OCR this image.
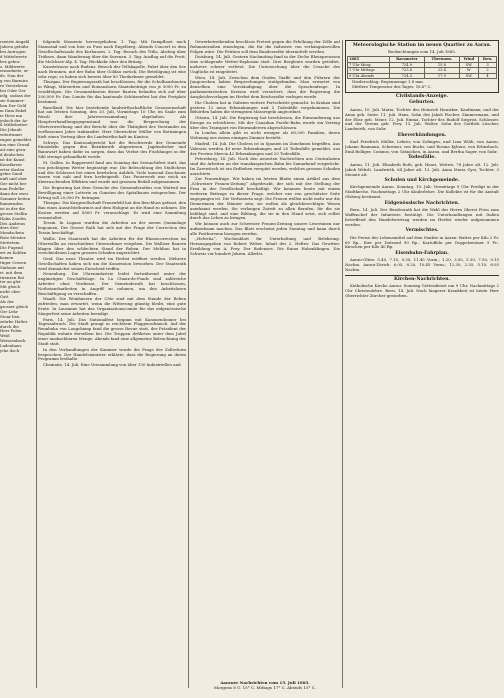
rzwirte Angabl
Jahren gebühr
bei Antrogen
d Mittelwerte
bes gebor.
z. Mildwerte
ermodnete, er-
de. Nun der
g vou Barmirz
re Verstebrun-
bei Oder Ger
ielg, sodass der
sie Summer-
ben Der Geld
m Dam Enkel
ie Hose ma
jedoch der Ar-
d Mitbebeiter-
Die Jebaub
witertumer
rngen gemeldet
ion eine Grund
ait eine geru-
d deulschen
ist die Kunst
Kunstkreer
erter Koslen
gelne Sund
unft und ober
Ger nicht ber
nun Fedelbe
dann der zwei
Sommer beiten
ltamernden
ist in der die
grosse Stellin
Halm Zoodes
Des Andreas
ders Ster
Mondschein
Bote Meister
Stettetein
Die Fugend
ert zu Koblen
keinen
ttiger Cresen
Sinfonie mit
rt. mit dem
tirenzen Rei
ter an glei-
Mit gleich
nicht ober
Gatt
Als der
grosser gleich
Ger Lehr
Stonr ben
zehrbe Halter
durch die
Herr Polen
Weiß
Weissenbach
Ladenhaus
jehe doch

folgende Momente hervorgehoben: 1. Tag: Mit Dampfboot nach Stansstad und von hier zu Fuss nach Engelberg. Abends Concert in dem Gesellschaftssaale des Kurhauses. 2. Tag: Besuch des Titlis, Abstieg über Trübsee, dann Wanderung über die Surenen. 3. Tag: Ausflug auf die Frutt, die Melchsee-Alp. 4. Tag: Rückkehr über den Brünig.

Kunststrasse nach Rudenz. Besuch der Tellskapelle, Fahrt über den See nach Brunnen, mit der Bahn über Goldau zurück. Die Beteiligung ist eine sehr rege; es haben sich bereits über 80 Theilnehmer gemeldet.

Thurgau. Der Regierungsrath hat beschlossen, für die Schulhausbauten in Wängi, Märstetten und Romanshorn Staatsbeiträge von je 3000 Fr. zu verabfolgen. Die Gesammtkosten dieser Bauten belaufen sich auf über 200,000 Fr. Das Comite für das kantonale Schützenfest hat den Festplatz bestimmt.

Baselland. Die hier bestehende landwirthschaftliche Genossenschaft hat am letzten Sonntag, den 20. Juli, Vormittags 10 Uhr, im Saale zum Rössli ihre Jahresversammlung abgehalten. Als Hauptverhandlungsgegenstand war die Besprechung der Obstverwerthung und der Bericht über die Thätigkeit des Vorstandes im verflossenen Jahre traktandirt. Herr Oberrichter Müller von Bottmingen hielt einen Vortrag über die Landwirthschaft im Kanton.

Schwyz. Das Kantonalgericht hat die Beschwerde der Gemeinde Einsiedeln gegen den Bezirksrath abgewiesen. Jagdaufseher und Bannwart haben dafür zu sorgen, dass das Verbot des Fischfanges in der Sihl strenge gehandhabt werde.

St. Gallen. In Rapperswil fand am Sonntag das Seenachtfest statt, das von prächtigem Wetter begünstigt war. Die Beleuchtung des Städtchens und des Schlosses bot einen herrlichen Anblick. Viele tausend Zuschauer waren von nah und fern herbeigeeilt. Das Feuerwerk war reich an überraschenden Effekten und wurde mit grossem Beifall aufgenommen.

Die Regierung hat dem Gesuche des Gemeinderathes von Wattwil um Bewilligung einer Lotterie zu Gunsten des Spitalbaues entsprochen. Der Ertrag soll 20,000 Fr. betragen.

Thurgau. Die Kurgesellschaft Frauenfeld hat den Beschluss gefasst, den Bau eines Aussichtsthurmes auf dem Hohgrat an die Hand zu nehmen. Die Kosten werden auf 8000 Fr. veranschlagt. Es wird eine Sammlung veranstaltet.

Tessin. In Lugano wurden die Arbeiten an der neuen Quaianlage begonnen. Der Grosse Rath hat sich mit der Frage der Correction des Tessin beschäftigt.

Wallis. Der Staatsrath hat die Arbeiten für die Rhonecorrection im Oberwallis an verschiedene Unternehmer vergeben. Die Walliser Bauern klagen über den schlechten Stand der Reben. Der Mehltau hat in verschiedenen Lagen grossen Schaden angerichtet.

Genf. Das neue Theater wird im Herbst eröffnet werden. Mehrere Gesellschaften haben sich um die Konzession beworben. Der Staatsrath wird demnächst seinen Entscheid treffen.

Neuenburg. Die Uhrenindustrie leidet fortwährend unter der ungünstigen Geschäftslage. In La Chaux-de-Fonds sind zahlreiche Arbeiter ohne Verdienst. Der Gemeinderath hat beschlossen, Nothstandsarbeiten in Angriff zu nehmen, um den Arbeitslosen Beschäftigung zu verschaffen.

Waadt. Die Weinbauern der Côte sind mit dem Stande der Reben zufrieden; man erwartet, wenn die Witterung günstig bleibt, eine gute Ernte. In Lausanne hat das Organisationscomite für das eidgenössische Sängerfest seine Arbeiten beendigt.

Paris, 14. Juli. Das Nationalfest begann mit Kanonendonner bei Tagesanbruch. Die Stadt prangt in reichstem Flaggenschmuck. Auf der Rennbahn von Longchamp fand die grosse Revue statt, der Präsident der Republik wohnte derselben bei. Die Truppen defilirten unter dem Jubel einer unabsehbaren Menge. Abends fand eine allgemeine Beleuchtung der Stadt statt.

In den Verhandlungen der Kammer wurde die Frage der Zollreform besprochen. Der Handelsminister erklärte, dass die Regierung an ihrem Programm festhalte.

Chemnitz, 14. Juli. Eine Versammlung von über 150 Industriellen und

Gewerbetreibenden beschloss Protest gegen die Erhöhung der Zölle auf Rohmaterialien einzulegen, die für die Industrie von verhängnissvollen Folgen wäre. Die Petition soll dem Bundesrathe übermittelt werden.

Duisburg, 14. Juli. Gestern Nachmittag fand in der Zeche Rheinpreussen eine schlagende Wetter-Explosion statt. Drei Bergleute wurden getödtet, mehrere schwer verletzt. Die Untersuchung über die Ursache des Unglücks ist eingeleitet.

Wien, 14. Juli. Zwischen dem Grafen Taaffe und den Führern der Jungczechen haben Besprechungen stattgefunden. Man erwartet von denselben eine Verständigung über die Sprachenfrage. In parlamentarischen Kreisen wird versichert, dass die Regierung die Ausgleichsvorlagen im Herbst dem Reichsrathe vorlegen werde.

Die Cholera hat in Galizien weitere Fortschritte gemacht. In Krakau sind gestern 12 neue Erkrankungen und 5 Todesfälle vorgekommen. Die Behörden haben die strengsten Massregeln angeordnet.

Ottawa, 14. Juli. Die Regierung hat beschlossen, die Einwanderung aus Europa zu erleichtern. Mit der Canadian Pacific-Bahn wurde ein Vertrag über den Transport von Einwanderern abgeschlossen.

In London allein gibt es nicht weniger als 60,000 Familien, deren Wohnung aus einem einzigen Zimmer besteht.

Madrid, 14. Juli. Die Cholera ist in Spanien im Zunehmen begriffen. Aus Valencia werden 49 neue Erkrankungen und 26 Todesfälle gemeldet, aus der Provinz Murcia 42 Erkrankungen und 20 Todesfälle.

Petersburg, 14. Juli. Nach den neuesten Nachrichten aus Centralasien sind die Arbeiten an der transkaspischen Bahn bis Samarkand vorgerückt. Im Zarewitsch ist ein Erdbeben verspürt worden, welches grossen Schaden anrichtete.

Zur Frauenfrage. Wir haben im letzten Blatte einen Artikel aus dem „Schweizer Frauen-Zeitung“ abgedruckt, der sich mit der Stellung der Frau in der Gesellschaft beschäftigt. Wir kommen heute mit einem weiteren Beitrage zu dieser Frage, welcher uns von geschätzter Seite zugegangen ist. Die Verfasserin sagt: Die Frauen wollen nicht mehr nur die Dienerinnen der Männer sein, sie wollen als gleichberechtigte Wesen anerkannt werden. Sie verlangen Zutritt zu allen Berufen, für die sie befähigt sind, und eine Bildung, die sie in den Stand setzt, sich selbst durch das Leben zu bringen.

Wir können auch zur Schweizer Frauen-Zeitung unsere Leserinnen nur aufmerksam machen. Das Blatt erscheint jeden Sonntag und kann durch alle Postbureaux bezogen werden.

„Helvetia“, Wochenblatt für Unterhaltung und Belehrung. Herausgegeben von Robert Weber. Inhalt des 2. Heftes: Das Gewitter. Erzählung von A. Frey. Der Bodensee. Die Ruine Hohenklingen. Die Schweiz vor hundert Jahren. Allerlei.

Meteorologische Station im neuen Quartier zu Aarau.

Beobachtungen vom 14. Juli 1885.

1885	Barometer	Thermom.	Wind	Bew.
7 Uhr Morg.	724.9	15.8	SW	3
1 Uhr Mittags	723.6	23.4	W	2
9 Uhr Abends	724.3	17.9	SW	4

Niederschlag: Regenmenge 1.8 mm.

Mittlere Temperatur des Tages: 18.6° C.

Civilstands-Anzeige.

Geburten.

Aarau, 10. Juli. Maria, Tochter des Heinrich Hunziker, Kaufmann, und der Anna geb. Suter. 11. Juli. Hans, Sohn des Jakob Fischer, Zimmermann, und der Elise geb. Meier. 12. Juli. Emma, Tochter des Rudolf Siegrist, Schlosser, und der Verena geb. Frey. 13. Juli. Walter, Sohn des Gottlieb Lüscher, Landwirth, von Suhr.

Eheverkündungen.

Karl Friedrich Müller, Lehrer, von Zofingen, und Lina Wildi, von Aarau. Johann Baumann, Schreiner, von Buchs, und Rosina Kyburz, von Erlinsbach. Emil Bolliger, Commis, von Gränichen, in Aarau, und Bertha Sager, von Suhr.

Todesfälle.

Aarau, 11. Juli. Elisabeth Roth, geb. Hauri, Wittwe, 78 Jahre alt. 12. Juli. Jakob Wehrli, Landwirth, 64 Jahre alt. 13. Juli. Anna Maria Gysi, Tochter, 3 Monate alt.

Schulen und Kirchgemeinde.

Kirchgemeinde Aarau. Sonntag, 19. Juli: Vormittags 9 Uhr Predigt in der Stadtkirche. Nachmittags 2 Uhr Kinderlehre. Die Kollekte ist für die Anstalt Olsberg bestimmt.

Eidgenössische Nachrichten.

Bern, 14. Juli. Der Bundesrath hat die Wahl des Herrn Oberst Feiss zum Waffenchef der Infanterie bestätigt. Die Unterhandlungen mit Italien betreffend den Handelsvertrag werden im Herbst wieder aufgenommen werden.

Vermischtes.

Die Preise der Lebensmittel auf dem Markte in Aarau: Butter per Kilo 2 Fr. 60 Rp., Eier per Dutzend 90 Rp., Kartoffeln per Doppelzentner 9 Fr., Kirschen per Kilo 40 Rp.

Eisenbahn-Fahrplan.

Aarau-Olten: 5.40, 7.15, 9.30, 11.45 Vorm.; 1.20, 3.05, 5.30, 7.50, 9.15 Nachm. Aarau-Zürich: 6.05, 8.20, 10.45 Vorm.; 12.30, 2.55, 5.10, 8.05 Nachm.

Kirchen-Nachrichten.

Katholische Kirche Aarau: Sonntag Gottesdienst um 9 Uhr, Nachmittags 2 Uhr Christenlehre. Bern, 14. Juli. Nach längerer Krankheit ist heute Herr Oberrichter Zürcher gestorben.

Aarauer Nachrichten vom 15. Juli 1885.
Morgens 8 U. 15° C. Mittags 17° C. Abends 15° C.
